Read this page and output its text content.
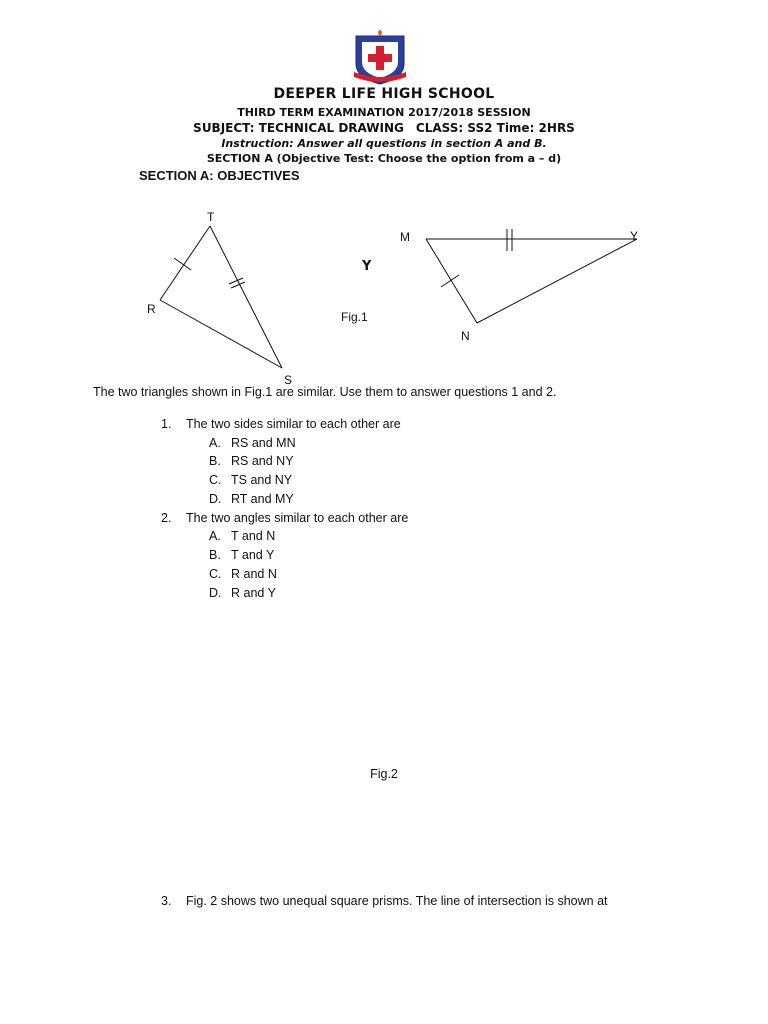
DEEPER LIFE HIGH SCHOOL
THIRD TERM EXAMINATION 2017/2018 SESSION
SUBJECT: TECHNICAL DRAWING CLASS: SS2 Time: 2HRS
Instruction: Answer all questions in section A and B.
SECTION A (Objective Test: Choose the option from a – d)
SECTION A: OBJECTIVES
T
R
S
M	Y
N
Fig.1
Y
The two triangles shown in Fig.1 are similar. Use them to answer questions 1 and 2.
1. The two sides similar to each other are
A. RS and MN
B. RS and NY
C. TS and NY
D. RT and MY
2. The two angles similar to each other are
A. T and N
B. T and Y
C. R and N
D. R and Y
Fig.2
3. Fig. 2 shows two unequal square prisms. The line of intersection is shown at
